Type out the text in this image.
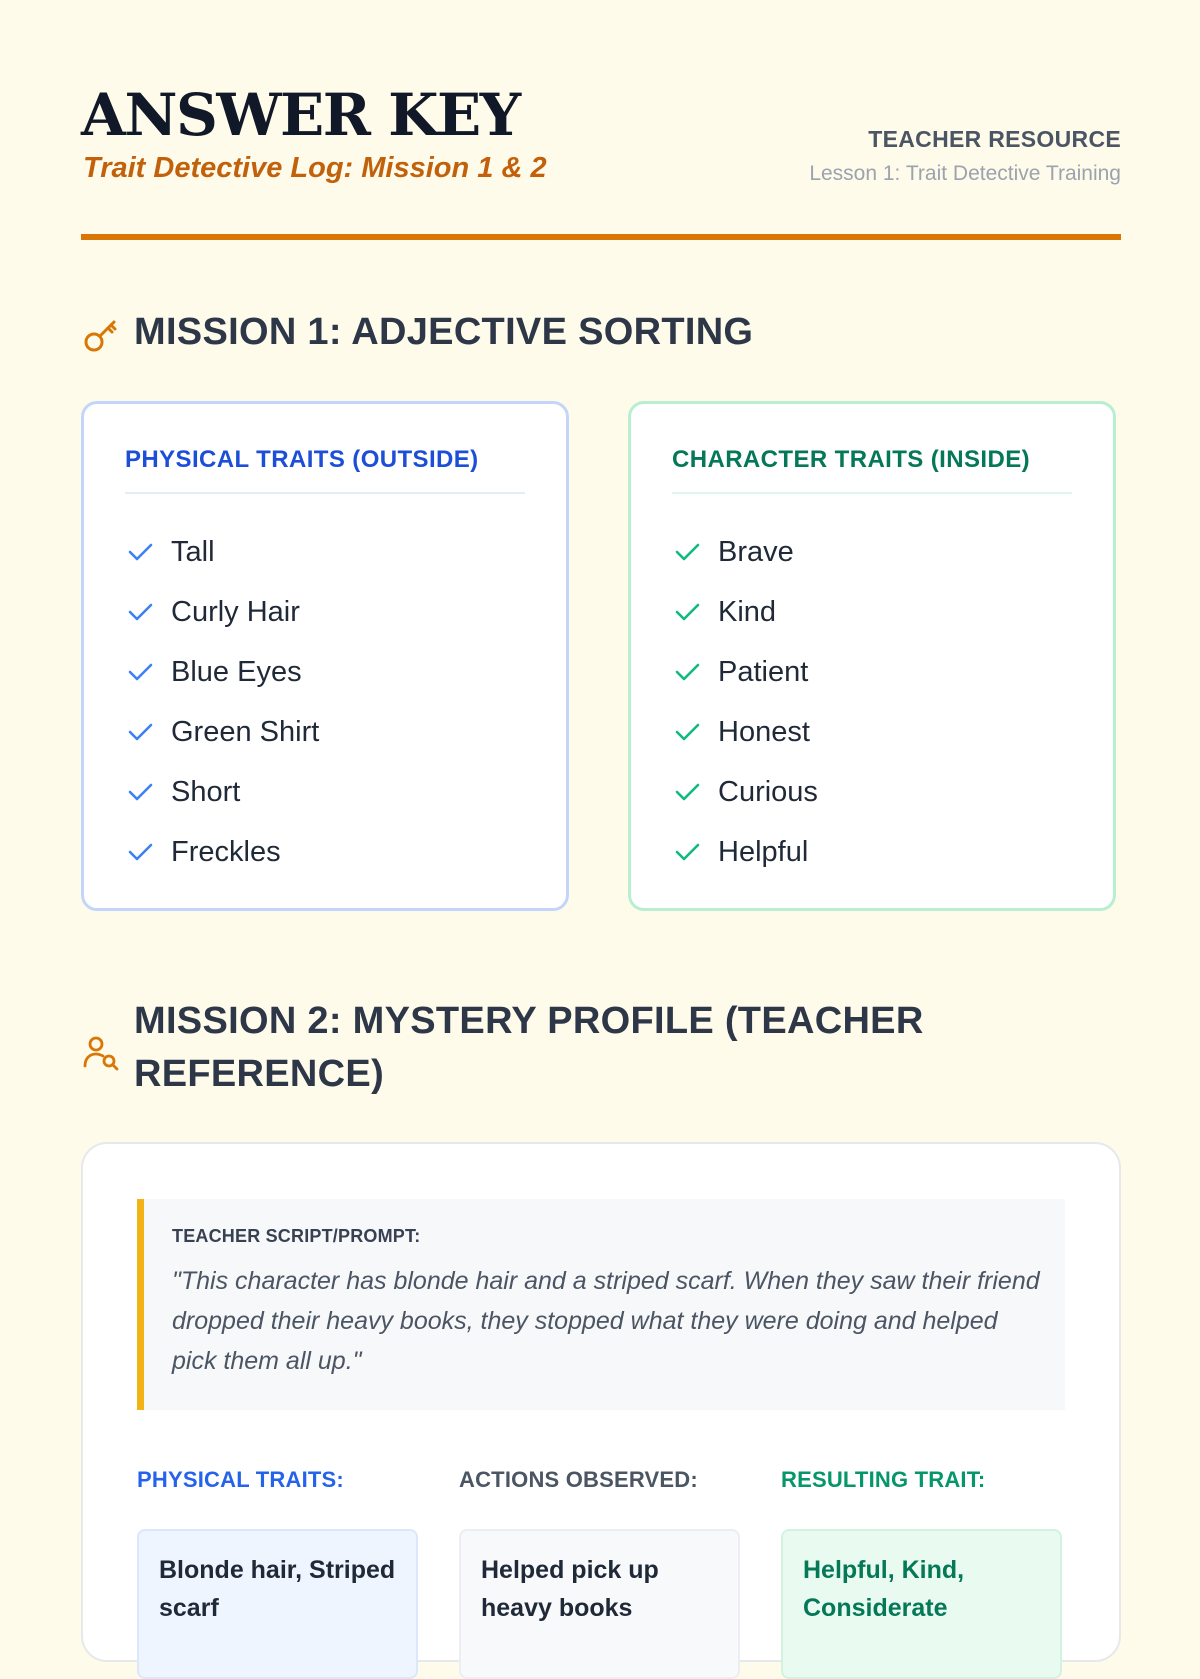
ANSWER KEY
Trait Detective Log: Mission 1 & 2
TEACHER RESOURCE
Lesson 1: Trait Detective Training
MISSION 1: ADJECTIVE SORTING
PHYSICAL TRAITS (OUTSIDE)
Tall
Curly Hair
Blue Eyes
Green Shirt
Short
Freckles
CHARACTER TRAITS (INSIDE)
Brave
Kind
Patient
Honest
Curious
Helpful
MISSION 2: MYSTERY PROFILE (TEACHER REFERENCE)
TEACHER SCRIPT/PROMPT:
"This character has blonde hair and a striped scarf. When they saw their friend dropped their heavy books, they stopped what they were doing and helped pick them all up."
PHYSICAL TRAITS:
Blonde hair, Striped scarf
ACTIONS OBSERVED:
Helped pick up heavy books
RESULTING TRAIT:
Helpful, Kind, Considerate
